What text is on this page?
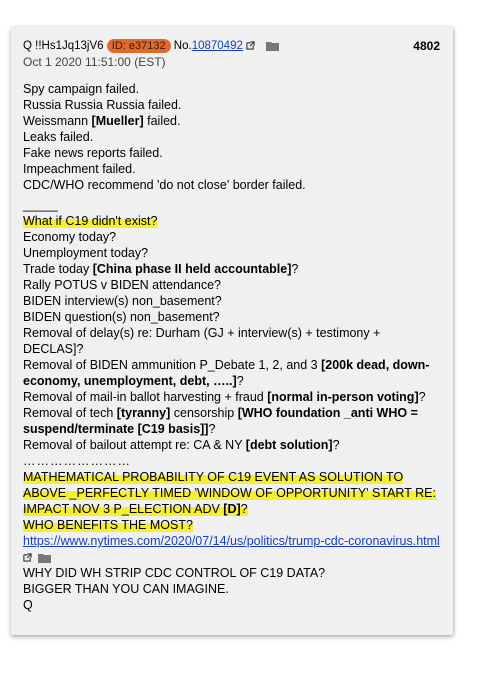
Q !!Hs1Jq13jV6 ID: e37132 No.10870492	4802
Oct 1 2020 11:51:00 (EST)
Spy campaign failed.
Russia Russia Russia failed.
Weissmann [Mueller] failed.
Leaks failed.
Fake news reports failed.
Impeachment failed.
CDC/WHO recommend 'do not close' border failed.
_____
What if C19 didn't exist?
Economy today?
Unemployment today?
Trade today [China phase II held accountable]?
Rally POTUS v BIDEN attendance?
BIDEN interview(s) non_basement?
BIDEN question(s) non_basement?
Removal of delay(s) re: Durham (GJ + interview(s) + testimony + DECLAS]?
Removal of BIDEN ammunition P_Debate 1, 2, and 3 [200k dead, down-economy, unemployment, debt, …..]?
Removal of mail-in ballot harvesting + fraud [normal in-person voting]?
Removal of tech [tyranny] censorship [WHO foundation _anti WHO = suspend/terminate [C19 basis]]?
Removal of bailout attempt re: CA & NY [debt solution]?
……………………
MATHEMATICAL PROBABILITY OF C19 EVENT AS SOLUTION TO ABOVE _PERFECTLY TIMED 'WINDOW OF OPPORTUNITY' START RE: IMPACT NOV 3 P_ELECTION ADV [D]?
WHO BENEFITS THE MOST?
https://www.nytimes.com/2020/07/14/us/politics/trump-cdc-coronavirus.html
WHY DID WH STRIP CDC CONTROL OF C19 DATA?
BIGGER THAN YOU CAN IMAGINE.
Q
